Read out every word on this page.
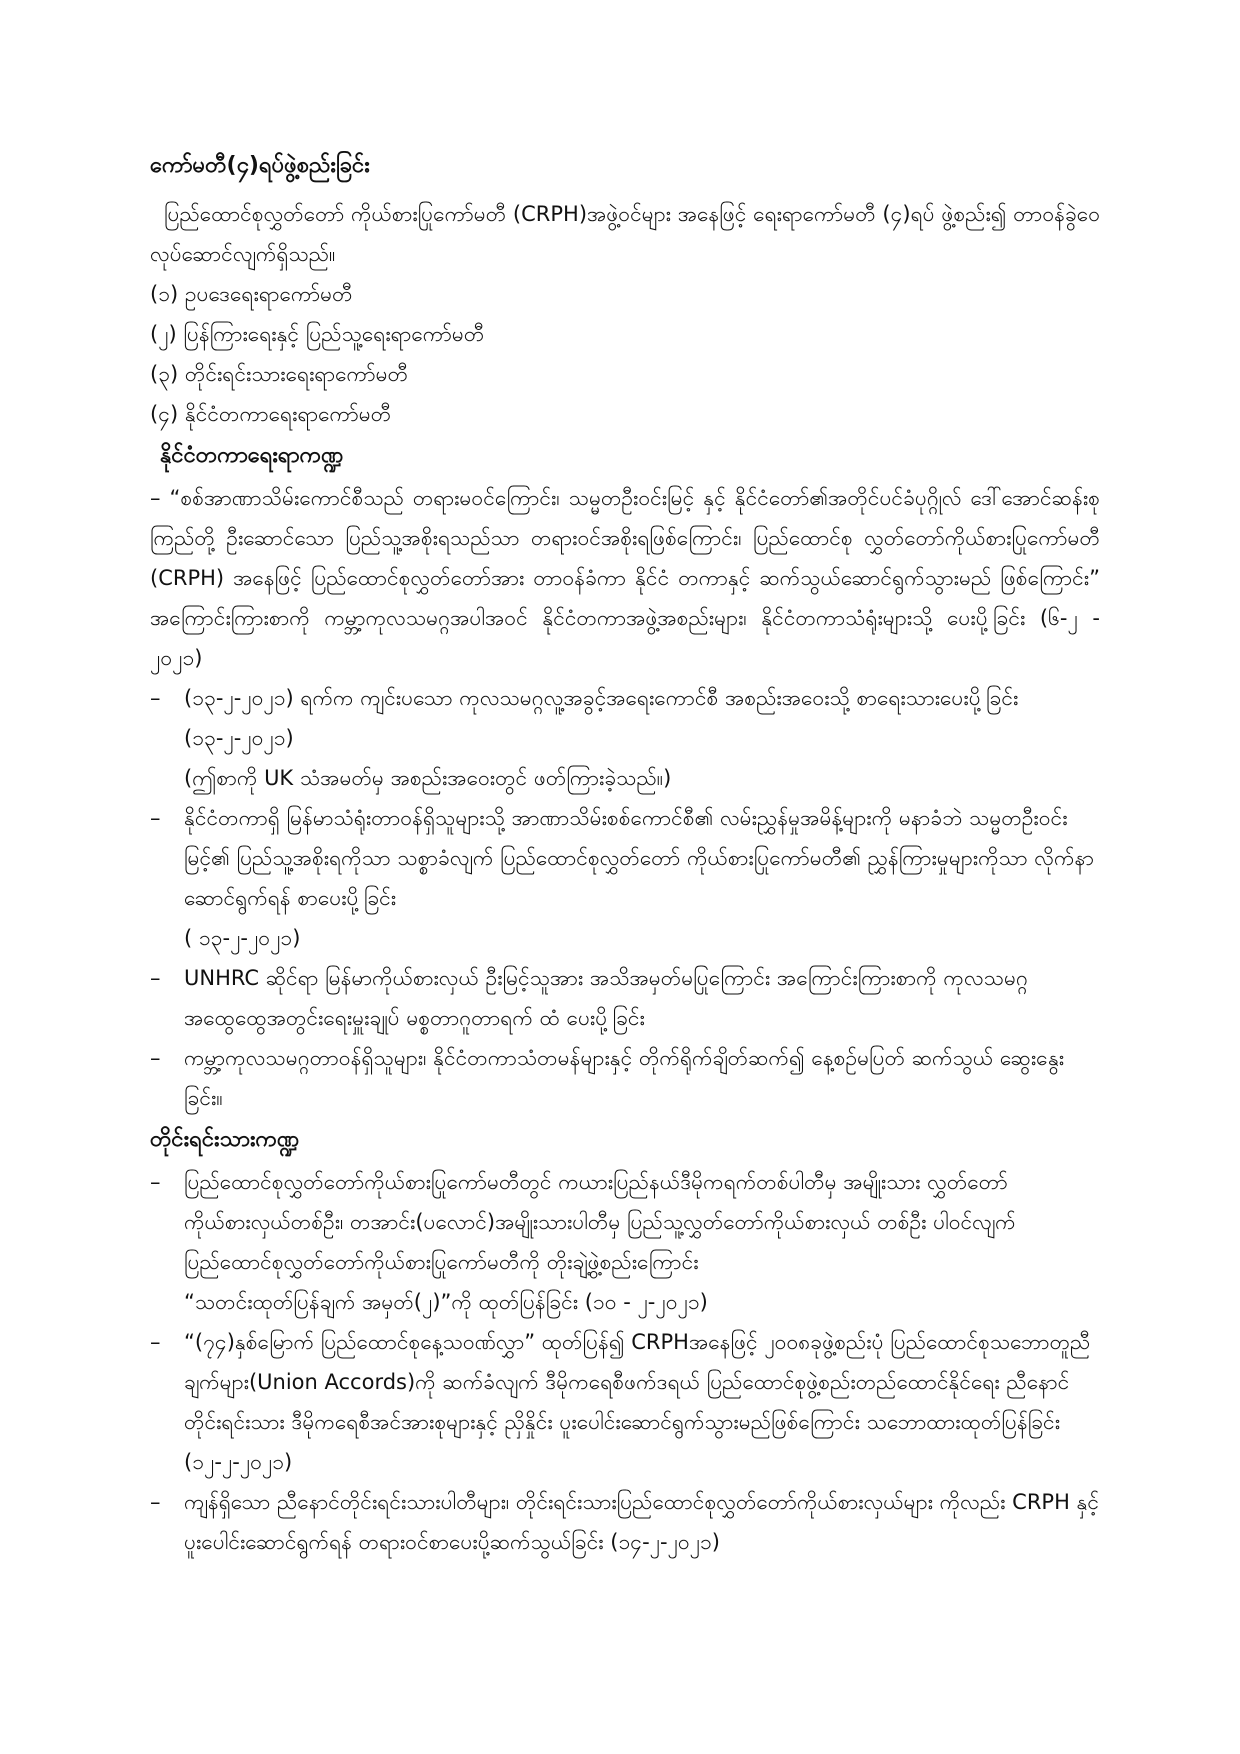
ကော်မတီ(၄)ရပ်ဖွဲ့စည်းခြင်း

ပြည်ထောင်စုလွှတ်တော် ကိုယ်စားပြုကော်မတီ (CRPH)အဖွဲ့ဝင်များ အနေဖြင့် ရေးရာကော်မတီ (၄)ရပ် ဖွဲ့စည်း၍ တာဝန်ခွဲဝေ လုပ်ဆောင်လျက်ရှိသည်။

(၁) ဥပဒေရေးရာကော်မတီ

(၂) ပြန်ကြားရေးနှင့် ပြည်သူ့ရေးရာကော်မတီ

(၃) တိုင်းရင်းသားရေးရာကော်မတီ

(၄) နိုင်ငံတကာရေးရာကော်မတီ

နိုင်ငံတကာရေးရာကဏ္ဍ

– “စစ်အာဏာသိမ်းကောင်စီသည် တရားမဝင်ကြောင်း၊ သမ္မတဦးဝင်းမြင့် နှင့် နိုင်ငံတော်၏အတိုင်ပင်ခံပုဂ္ဂိုလ် ဒေါ်အောင်ဆန်းစုကြည်တို့ ဦးဆောင်သော ပြည်သူ့အစိုးရသည်သာ တရားဝင်အစိုးရဖြစ်ကြောင်း၊ ပြည်ထောင်စု လွှတ်တော်ကိုယ်စားပြုကော်မတီ (CRPH) အနေဖြင့် ပြည်ထောင်စုလွှတ်တော်အား တာဝန်ခံကာ နိုင်ငံ တကာနှင့် ဆက်သွယ်ဆောင်ရွက်သွားမည် ဖြစ်ကြောင်း” အကြောင်းကြားစာကို ကမ္ဘာ့ကုလသမဂ္ဂအပါအဝင် နိုင်ငံတကာအဖွဲ့အစည်းများ၊ နိုင်ငံတကာသံရုံးများသို့ ပေးပို့ခြင်း (၆-၂ - ၂၀၂၁)

–	(၁၃-၂-၂၀၂၁) ရက်က ကျင်းပသော ကုလသမဂ္ဂလူ့အခွင့်အရေးကောင်စီ အစည်းအဝေးသို့ စာရေးသားပေးပို့ခြင်း (၁၃-၂-၂၀၂၁)

(ဤစာကို UK သံအမတ်မှ အစည်းအဝေးတွင် ဖတ်ကြားခဲ့သည်။)

–	နိုင်ငံတကာရှိ မြန်မာသံရုံးတာဝန်ရှိသူများသို့ အာဏာသိမ်းစစ်ကောင်စီ၏ လမ်းညွှန်မှုအမိန့်များကို မနာခံဘဲ သမ္မတဦးဝင်းမြင့်၏ ပြည်သူ့အစိုးရကိုသာ သစ္စာခံလျက် ပြည်ထောင်စုလွှတ်တော် ကိုယ်စားပြုကော်မတီ၏ ညွှန်ကြားမှုများကိုသာ လိုက်နာဆောင်ရွက်ရန် စာပေးပို့ခြင်း

( ၁၃-၂-၂၀၂၁)

–	UNHRC ဆိုင်ရာ မြန်မာကိုယ်စားလှယ် ဦးမြင့်သူအား အသိအမှတ်မပြုကြောင်း အကြောင်းကြားစာကို ကုလသမဂ္ဂအထွေထွေအတွင်းရေးမှူးချုပ် မစ္စတာဂူတာရက် ထံ ပေးပို့ခြင်း

–	ကမ္ဘာ့ကုလသမဂ္ဂတာဝန်ရှိသူများ၊ နိုင်ငံတကာသံတမန်များနှင့် တိုက်ရိုက်ချိတ်ဆက်၍ နေ့စဉ်မပြတ် ဆက်သွယ် ဆွေးနွေးခြင်း။

တိုင်းရင်းသားကဏ္ဍ
–	ပြည်ထောင်စုလွှတ်တော်ကိုယ်စားပြုကော်မတီတွင် ကယားပြည်နယ်ဒီမိုကရက်တစ်ပါတီမှ အမျိုးသား လွှတ်တော်ကိုယ်စားလှယ်တစ်ဦး၊ တအာင်း(ပလောင်)အမျိုးသားပါတီမှ ပြည်သူ့လွှတ်တော်ကိုယ်စားလှယ် တစ်ဦး ပါဝင်လျက် ပြည်ထောင်စုလွှတ်တော်ကိုယ်စားပြုကော်မတီကို တိုးချဲ့ဖွဲ့စည်းကြောင်း

“သတင်းထုတ်ပြန်ချက် အမှတ်(၂)”ကို ထုတ်ပြန်ခြင်း (၁၀ - ၂-၂၀၂၁)

–	“(၇၄)နှစ်မြောက် ပြည်ထောင်စုနေ့သဝဏ်လွှာ” ထုတ်ပြန်၍ CRPHအနေဖြင့် ၂၀၀၈ခုဖွဲ့စည်းပုံ ပြည်ထောင်စုသဘောတူညီချက်များ(Union Accords)ကို ဆက်ခံလျက် ဒီမိုကရေစီဖက်ဒရယ် ပြည်ထောင်စုဖွဲ့စည်းတည်ထောင်နိုင်ရေး ညီနောင်တိုင်းရင်းသား ဒီမိုကရေစီအင်အားစုများနှင့် ညှိနှိုင်း ပူးပေါင်းဆောင်ရွက်သွားမည်ဖြစ်ကြောင်း သဘောထားထုတ်ပြန်ခြင်း (၁၂-၂-၂၀၂၁)

–	ကျန်ရှိသော ညီနောင်တိုင်းရင်းသားပါတီများ၊ တိုင်းရင်းသားပြည်ထောင်စုလွှတ်တော်ကိုယ်စားလှယ်များ ကိုလည်း CRPH နှင့် ပူးပေါင်းဆောင်ရွက်ရန် တရားဝင်စာပေးပို့ဆက်သွယ်ခြင်း (၁၄-၂-၂၀၂၁)
